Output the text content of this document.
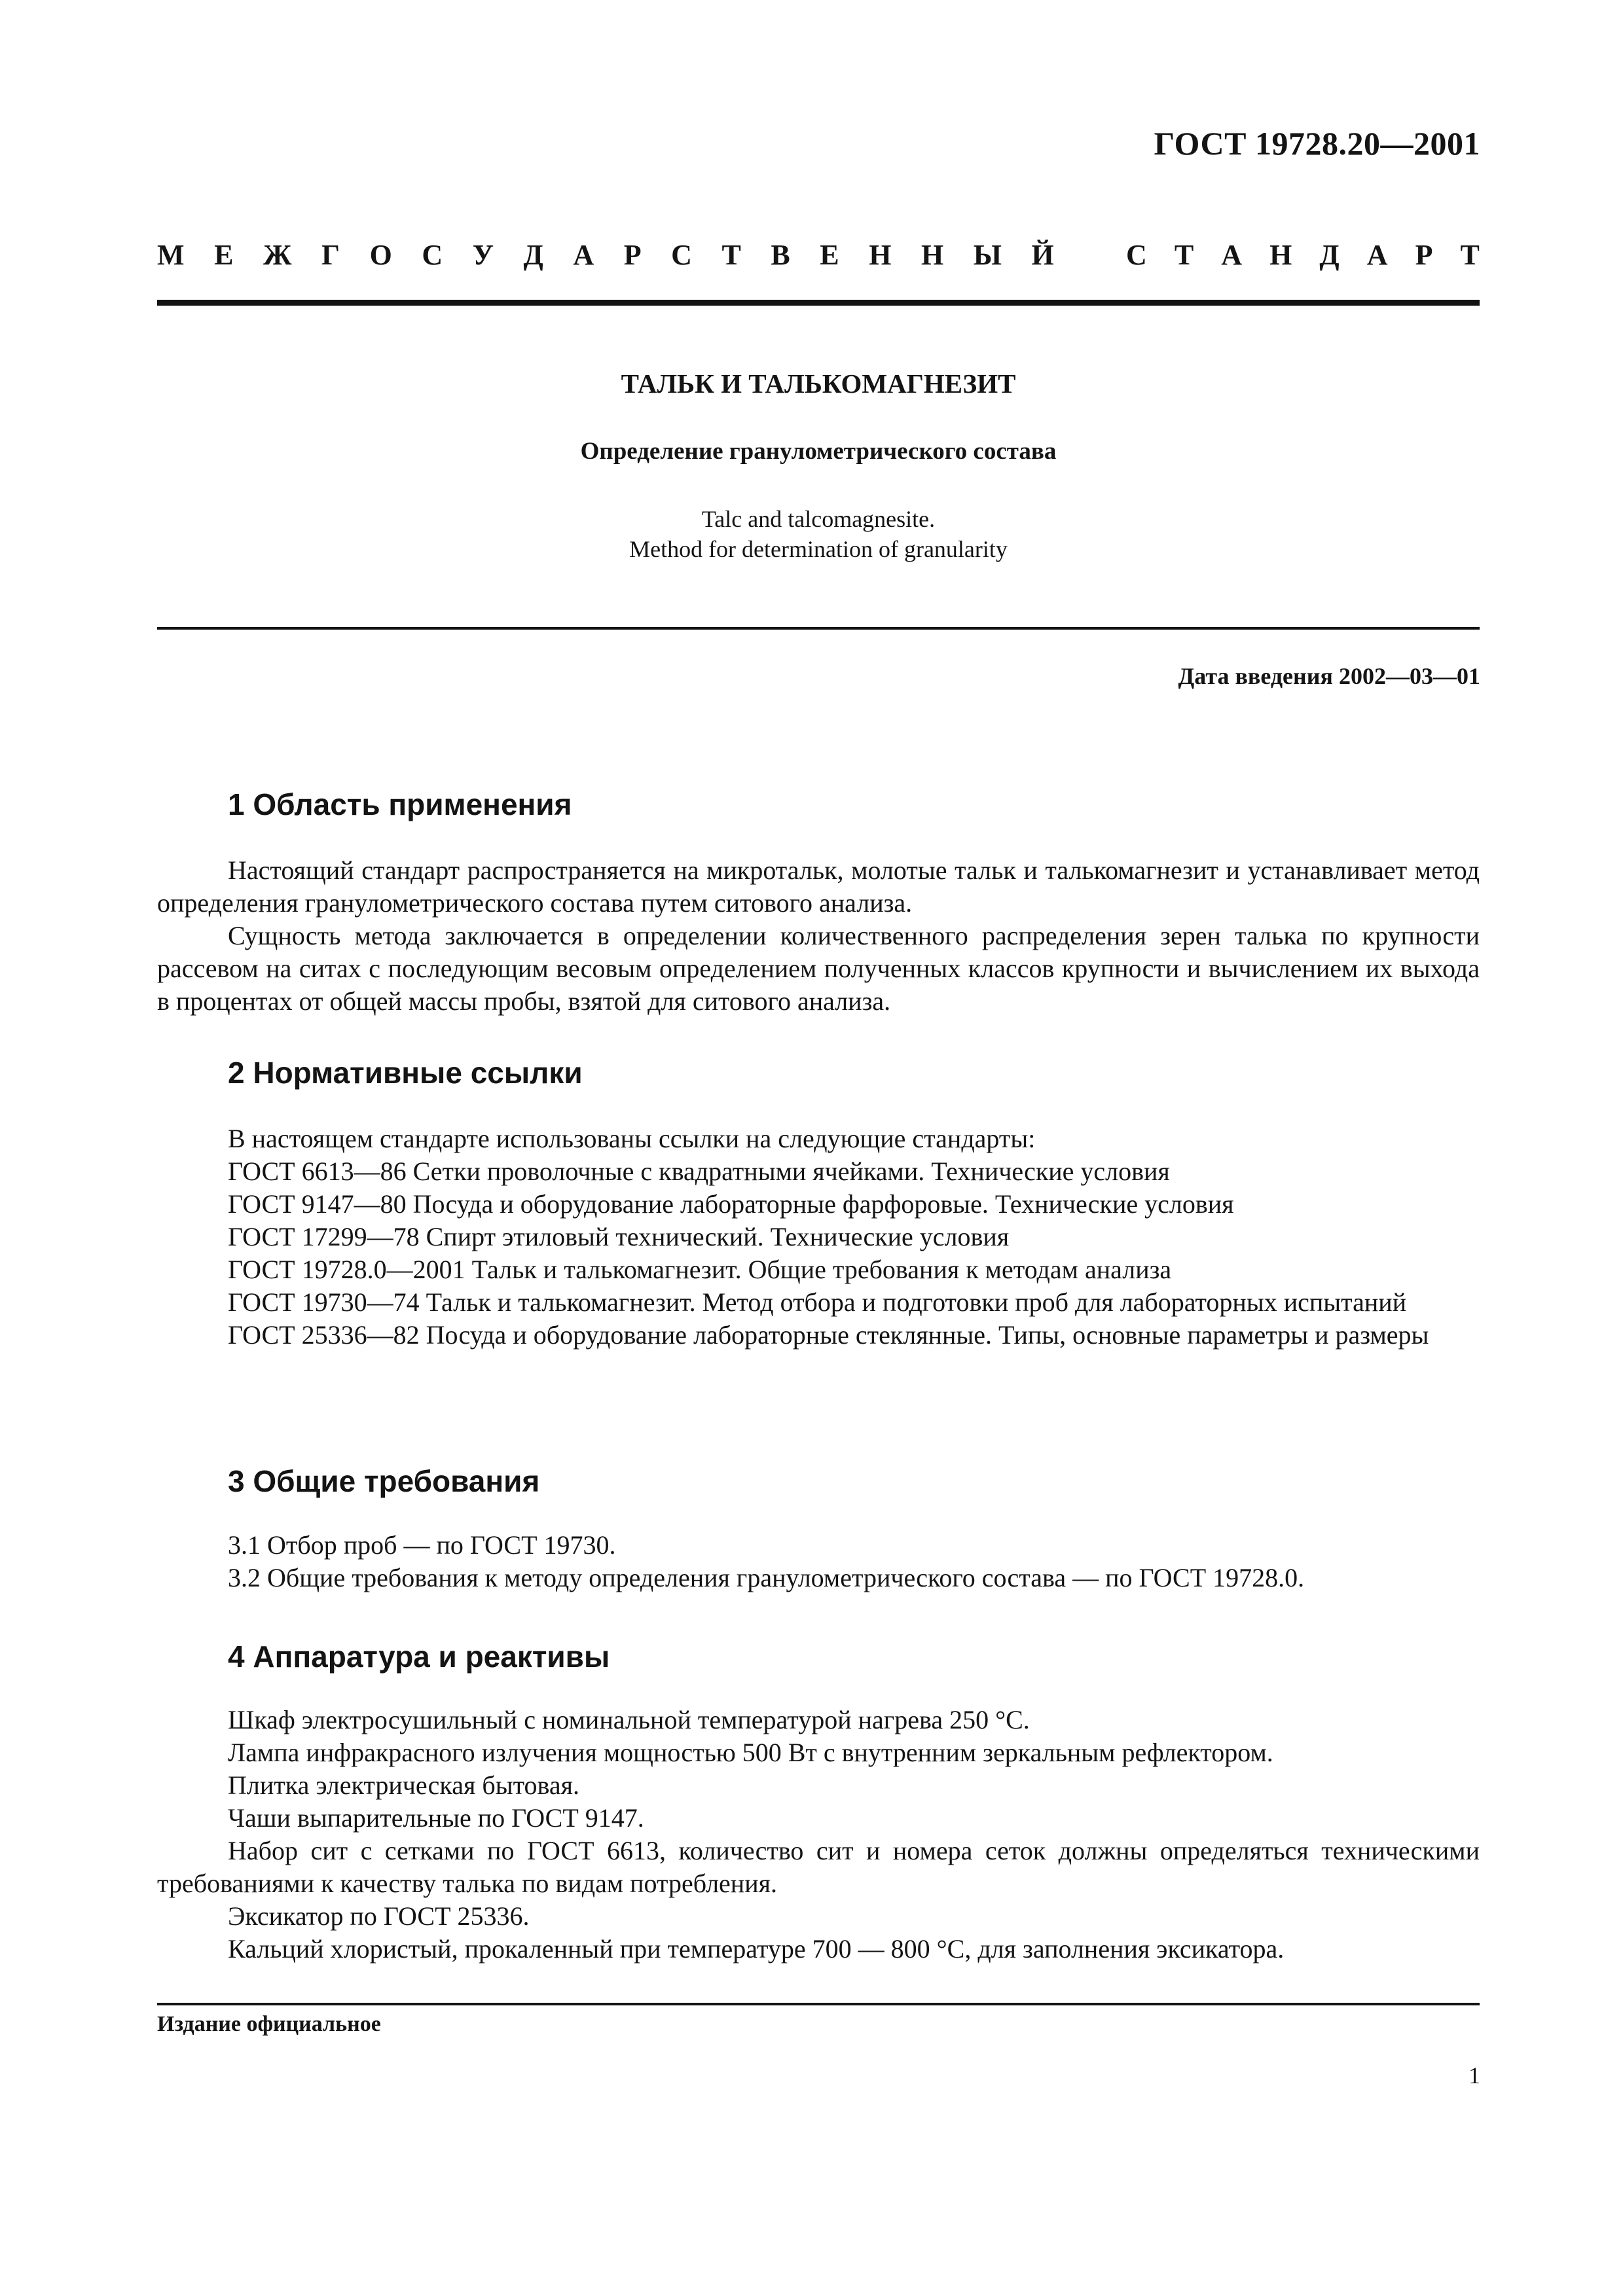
ГОСТ 19728.20—2001
М Е Ж Г О С У Д А Р С Т В Е Н Н Ы Й	С Т А Н Д А Р Т
ТАЛЬК И ТАЛЬКОМАГНЕЗИТ
Определение гранулометрического состава
Talc and talcomagnesite.
Method for determination of granularity
Дата введения 2002—03—01
1 Область применения

Настоящий стандарт распространяется на микротальк, молотые тальк и талькомагнезит и устанавливает метод определения гранулометрического состава путем ситового анализа.

Сущность метода заключается в определении количественного распределения зерен талька по крупности рассевом на ситах с последующим весовым определением полученных классов крупности и вычислением их выхода в процентах от общей массы пробы, взятой для ситового анализа.

2 Нормативные ссылки

В настоящем стандарте использованы ссылки на следующие стандарты:

ГОСТ 6613—86 Сетки проволочные с квадратными ячейками. Технические условия

ГОСТ 9147—80 Посуда и оборудование лабораторные фарфоровые. Технические условия

ГОСТ 17299—78 Спирт этиловый технический. Технические условия

ГОСТ 19728.0—2001 Тальк и талькомагнезит. Общие требования к методам анализа

ГОСТ 19730—74 Тальк и талькомагнезит. Метод отбора и подготовки проб для лабораторных испытаний

ГОСТ 25336—82 Посуда и оборудование лабораторные стеклянные. Типы, основные параметры и размеры

3 Общие требования

3.1 Отбор проб — по ГОСТ 19730.

3.2 Общие требования к методу определения гранулометрического состава — по ГОСТ 19728.0.

4 Аппаратура и реактивы

Шкаф электросушильный с номинальной температурой нагрева 250 °С.

Лампа инфракрасного излучения мощностью 500 Вт с внутренним зеркальным рефлектором.

Плитка электрическая бытовая.

Чаши выпарительные по ГОСТ 9147.

Набор сит с сетками по ГОСТ 6613, количество сит и номера сеток должны определяться техническими требованиями к качеству талька по видам потребления.

Эксикатор по ГОСТ 25336.

Кальций хлористый, прокаленный при температуре 700 — 800 °С, для заполнения эксикатора.

Издание официальное
1
